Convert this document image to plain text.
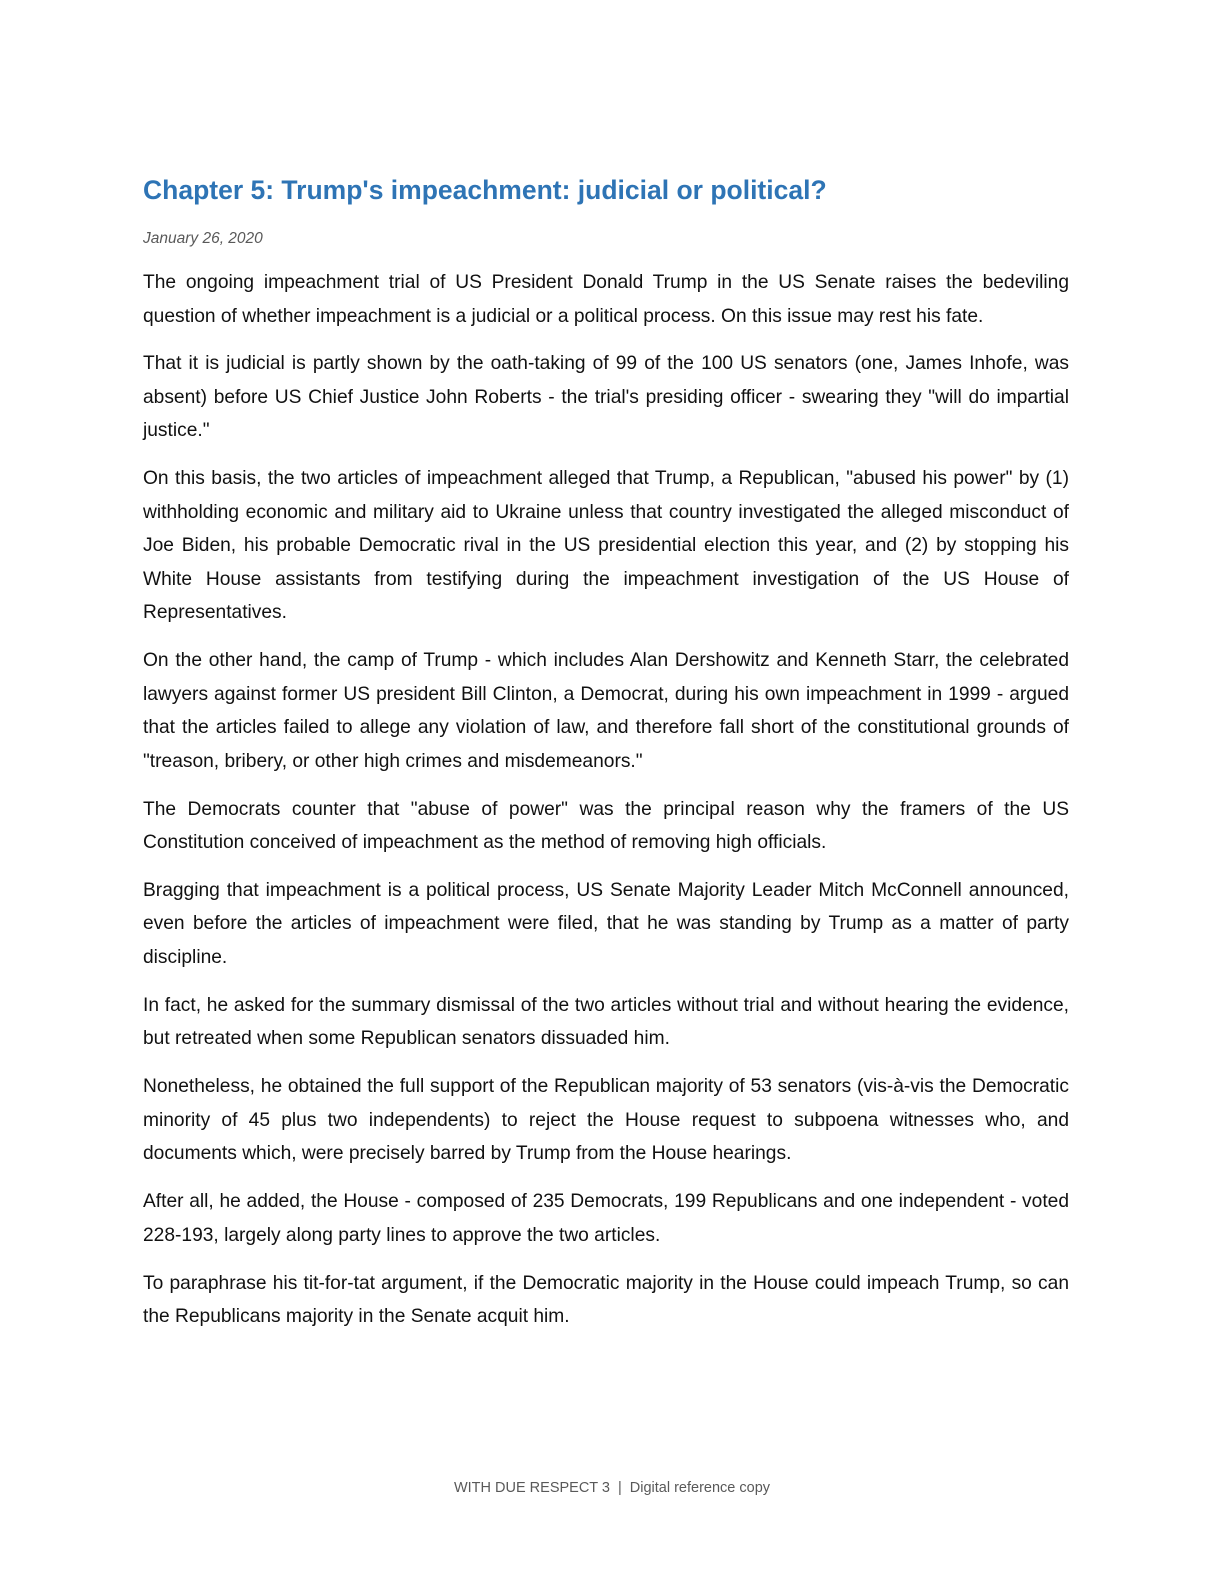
Chapter 5: Trump's impeachment: judicial or political?
January 26, 2020

The ongoing impeachment trial of US President Donald Trump in the US Senate raises the bedeviling question of whether impeachment is a judicial or a political process. On this issue may rest his fate.

That it is judicial is partly shown by the oath-taking of 99 of the 100 US senators (one, James Inhofe, was absent) before US Chief Justice John Roberts - the trial's presiding officer - swearing they "will do impartial justice."

On this basis, the two articles of impeachment alleged that Trump, a Republican, "abused his power" by (1) withholding economic and military aid to Ukraine unless that country investigated the alleged misconduct of Joe Biden, his probable Democratic rival in the US presidential election this year, and (2) by stopping his White House assistants from testifying during the impeachment investigation of the US House of Representatives.

On the other hand, the camp of Trump - which includes Alan Dershowitz and Kenneth Starr, the celebrated lawyers against former US president Bill Clinton, a Democrat, during his own impeachment in 1999 - argued that the articles failed to allege any violation of law, and therefore fall short of the constitutional grounds of "treason, bribery, or other high crimes and misdemeanors."

The Democrats counter that "abuse of power" was the principal reason why the framers of the US Constitution conceived of impeachment as the method of removing high officials.

Bragging that impeachment is a political process, US Senate Majority Leader Mitch McConnell announced, even before the articles of impeachment were filed, that he was standing by Trump as a matter of party discipline.

In fact, he asked for the summary dismissal of the two articles without trial and without hearing the evidence, but retreated when some Republican senators dissuaded him.

Nonetheless, he obtained the full support of the Republican majority of 53 senators (vis-à-vis the Democratic minority of 45 plus two independents) to reject the House request to subpoena witnesses who, and documents which, were precisely barred by Trump from the House hearings.

After all, he added, the House - composed of 235 Democrats, 199 Republicans and one independent - voted 228-193, largely along party lines to approve the two articles.

To paraphrase his tit-for-tat argument, if the Democratic majority in the House could impeach Trump, so can the Republicans majority in the Senate acquit him.

WITH DUE RESPECT 3 | Digital reference copy
